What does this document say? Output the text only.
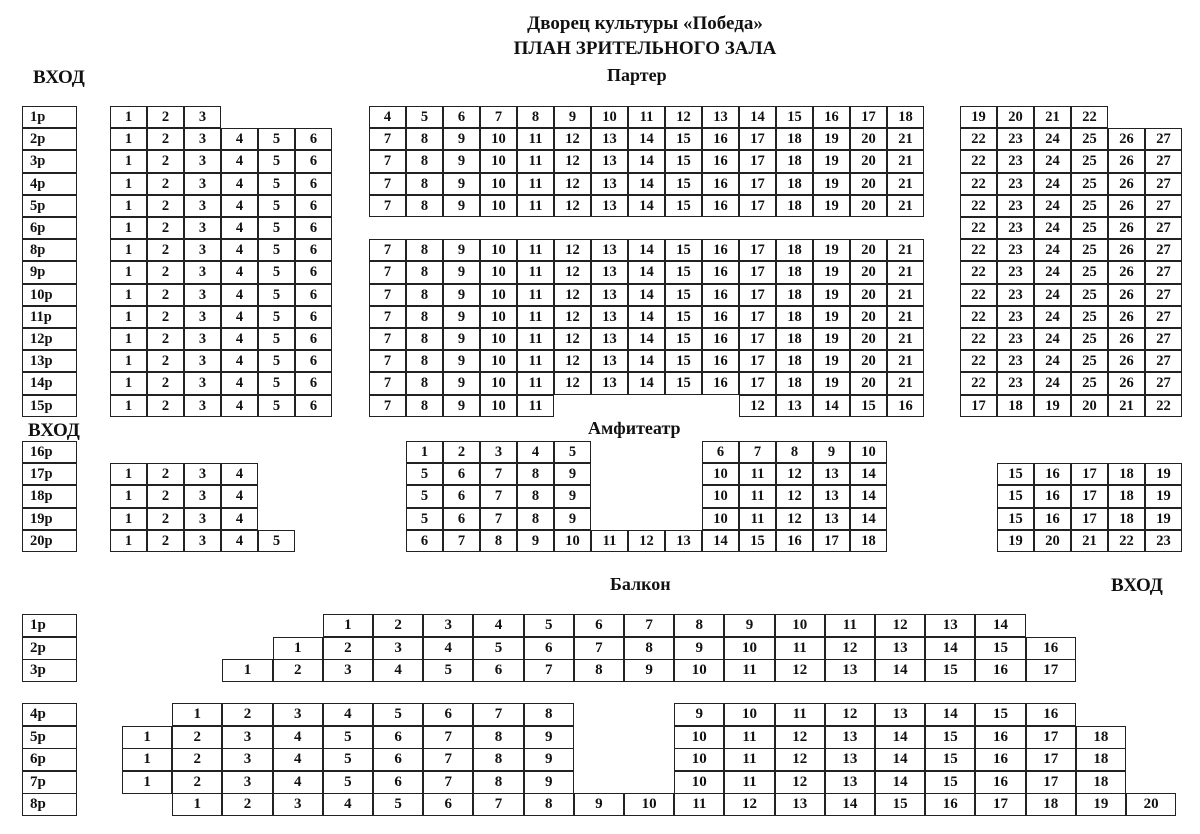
Дворец культуры «Победа»
ПЛАН ЗРИТЕЛЬНОГО ЗАЛА
Партер
Амфитеатр
Балкон
ВХОД
ВХОД
ВХОД
1р	1	2	3	4	5	6	7	8	9	10	11	12	13	14	15	16	17	18	19	20	21	22
2р	1	2	3	4	5	6	7	8	9	10	11	12	13	14	15	16	17	18	19	20	21	22	23	24	25	26	27
3р	1	2	3	4	5	6	7	8	9	10	11	12	13	14	15	16	17	18	19	20	21	22	23	24	25	26	27
4р	1	2	3	4	5	6	7	8	9	10	11	12	13	14	15	16	17	18	19	20	21	22	23	24	25	26	27
5р	1	2	3	4	5	6	7	8	9	10	11	12	13	14	15	16	17	18	19	20	21	22	23	24	25	26	27
6р	1	2	3	4	5	6	22	23	24	25	26	27
8р	1	2	3	4	5	6	7	8	9	10	11	12	13	14	15	16	17	18	19	20	21	22	23	24	25	26	27
9р	1	2	3	4	5	6	7	8	9	10	11	12	13	14	15	16	17	18	19	20	21	22	23	24	25	26	27
10р	1	2	3	4	5	6	7	8	9	10	11	12	13	14	15	16	17	18	19	20	21	22	23	24	25	26	27
11р	1	2	3	4	5	6	7	8	9	10	11	12	13	14	15	16	17	18	19	20	21	22	23	24	25	26	27
12р	1	2	3	4	5	6	7	8	9	10	11	12	13	14	15	16	17	18	19	20	21	22	23	24	25	26	27
13р	1	2	3	4	5	6	7	8	9	10	11	12	13	14	15	16	17	18	19	20	21	22	23	24	25	26	27
14р	1	2	3	4	5	6	7	8	9	10	11	12	13	14	15	16	17	18	19	20	21	22	23	24	25	26	27
15р	1	2	3	4	5	6	7	8	9	10	11	12	13	14	15	16	17	18	19	20	21	22
16р	1	2	3	4	5	6	7	8	9	10
17р	1	2	3	4	5	6	7	8	9	10	11	12	13	14	15	16	17	18	19
18р	1	2	3	4	5	6	7	8	9	10	11	12	13	14	15	16	17	18	19
19р	1	2	3	4	5	6	7	8	9	10	11	12	13	14	15	16	17	18	19
20р	1	2	3	4	5	6	7	8	9	10	11	12	13	14	15	16	17	18	19	20	21	22	23
1р	1	2	3	4	5	6	7	8	9	10	11	12	13	14
2р	1	2	3	4	5	6	7	8	9	10	11	12	13	14	15	16
3р	1	2	3	4	5	6	7	8	9	10	11	12	13	14	15	16	17
4р	1	2	3	4	5	6	7	8	9	10	11	12	13	14	15	16
5р	1	2	3	4	5	6	7	8	9	10	11	12	13	14	15	16	17	18
6р	1	2	3	4	5	6	7	8	9	10	11	12	13	14	15	16	17	18
7р	1	2	3	4	5	6	7	8	9	10	11	12	13	14	15	16	17	18
8р	1	2	3	4	5	6	7	8	9	10	11	12	13	14	15	16	17	18	19	20
